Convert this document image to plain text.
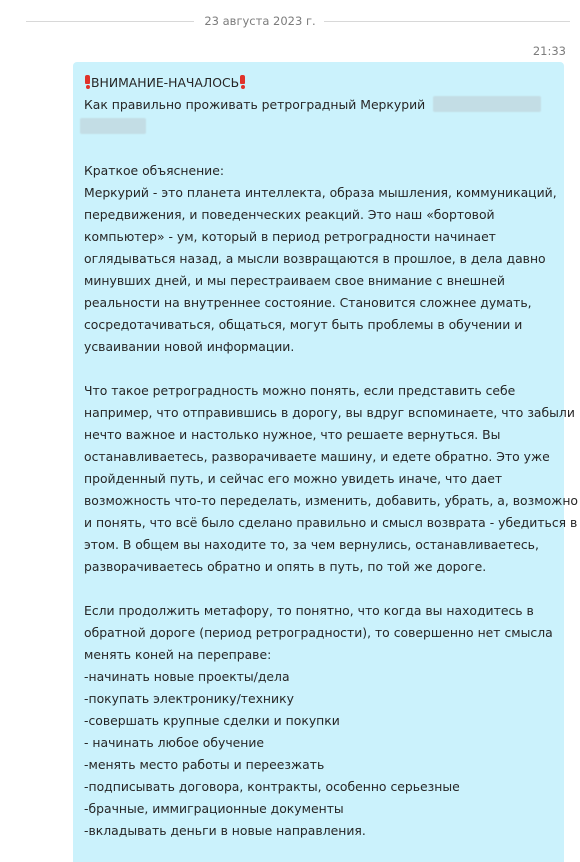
23 августа 2023 г.
21:33
ВНИМАНИЕ-НАЧАЛОСЬ
Как правильно проживать ретроградный Меркурий
Краткое объяснение:
Меркурий - это планета интеллекта, образа мышления, коммуникаций,
передвижения, и поведенческих реакций. Это наш «бортовой
компьютер» - ум, который в период ретроградности начинает
оглядываться назад, а мысли возвращаются в прошлое, в дела давно
минувших дней, и мы перестраиваем свое внимание с внешней
реальности на внутреннее состояние. Становится сложнее думать,
сосредотачиваться, общаться, могут быть проблемы в обучении и
усваивании новой информации.
Что такое ретроградность можно понять, если представить себе
например, что отправившись в дорогу, вы вдруг вспоминаете, что забыли
нечто важное и настолько нужное, что решаете вернуться. Вы
останавливаетесь, разворачиваете машину, и едете обратно. Это уже
пройденный путь, и сейчас его можно увидеть иначе, что дает
возможность что-то переделать, изменить, добавить, убрать, а, возможно
и понять, что всё было сделано правильно и смысл возврата - убедиться в
этом. В общем вы находите то, за чем вернулись, останавливаетесь,
разворачиваетесь обратно и опять в путь, по той же дороге.
Если продолжить метафору, то понятно, что когда вы находитесь в
обратной дороге (период ретроградности), то совершенно нет смысла
менять коней на переправе:
-начинать новые проекты/дела
-покупать электронику/технику
-совершать крупные сделки и покупки
- начинать любое обучение
-менять место работы и переезжать
-подписывать договора, контракты, особенно серьезные
-брачные, иммиграционные документы
-вкладывать деньги в новые направления.
